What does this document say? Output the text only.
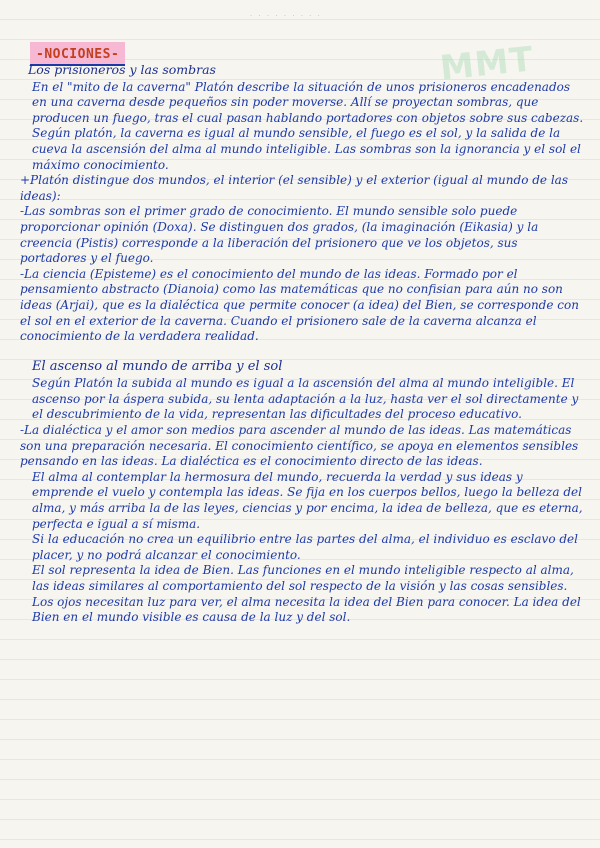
· · · · · · · · ·
MMT
-NOCIONES-
Los prisioneros y las sombras

En el "mito de la caverna" Platón describe la situación de unos prisioneros encadenados en una caverna desde pequeños sin poder moverse. Allí se proyectan sombras, que producen un fuego, tras el cual pasan hablando portadores con objetos sobre sus cabezas. Según platón, la caverna es igual al mundo sensible, el fuego es el sol, y la salida de la cueva la ascensión del alma al mundo inteligible. Las sombras son la ignorancia y el sol el máximo conocimiento.

+Platón distingue dos mundos, el interior (el sensible) y el exterior (igual al mundo de las ideas):

-Las sombras son el primer grado de conocimiento. El mundo sensible solo puede proporcionar opinión (Doxa). Se distinguen dos grados, (la imaginación (Eikasia) y la creencia (Pistis) corresponde a la liberación del prisionero que ve los objetos, sus portadores y el fuego.

-La ciencia (Episteme) es el conocimiento del mundo de las ideas. Formado por el pensamiento abstracto (Dianoia) como las matemáticas que no confisian para aún no son ideas (Arjai), que es la dialéctica que permite conocer (a idea) del Bien, se corresponde con el sol en el exterior de la caverna. Cuando el prisionero sale de la caverna alcanza el conocimiento de la verdadera realidad.

El ascenso al mundo de arriba y el sol

Según Platón la subida al mundo es igual a la ascensión del alma al mundo inteligible. El ascenso por la áspera subida, su lenta adaptación a la luz, hasta ver el sol directamente y el descubrimiento de la vida, representan las dificultades del proceso educativo.

-La dialéctica y el amor son medios para ascender al mundo de las ideas. Las matemáticas son una preparación necesaria. El conocimiento científico, se apoya en elementos sensibles pensando en las ideas. La dialéctica es el conocimiento directo de las ideas.

El alma al contemplar la hermosura del mundo, recuerda la verdad y sus ideas y emprende el vuelo y contempla las ideas. Se fija en los cuerpos bellos, luego la belleza del alma, y más arriba la de las leyes, ciencias y por encima, la idea de belleza, que es eterna, perfecta e igual a sí misma.

Si la educación no crea un equilibrio entre las partes del alma, el individuo es esclavo del placer, y no podrá alcanzar el conocimiento.

El sol representa la idea de Bien. Las funciones en el mundo inteligible respecto al alma, las ideas similares al comportamiento del sol respecto de la visión y las cosas sensibles. Los ojos necesitan luz para ver, el alma necesita la idea del Bien para conocer. La idea del Bien en el mundo visible es causa de la luz y del sol.
